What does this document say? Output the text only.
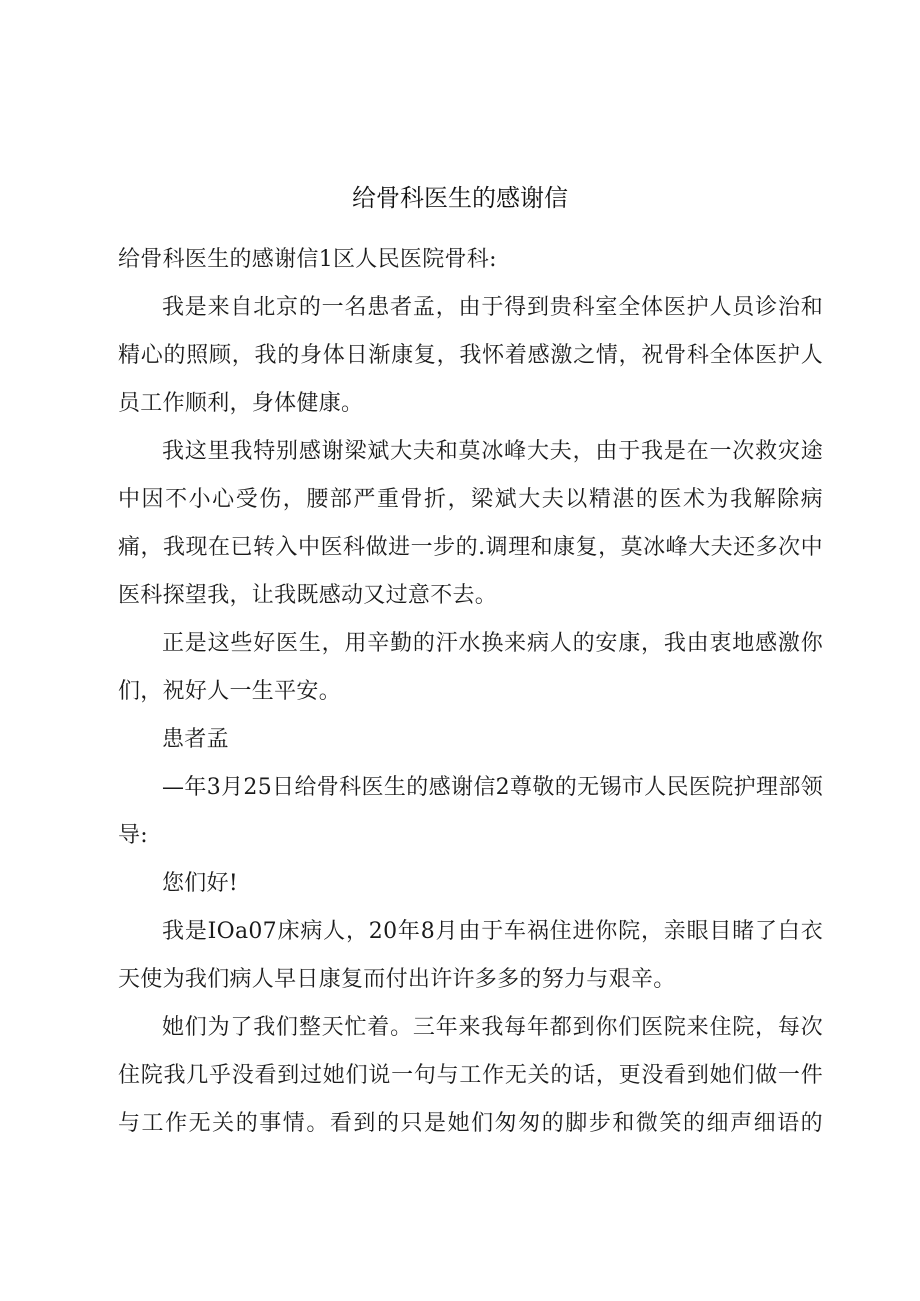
给骨科医生的感谢信

给骨科医生的感谢信1区人民医院骨科:

我是来自北京的一名患者孟，由于得到贵科室全体医护人员诊治和精心的照顾，我的身体日渐康复，我怀着感激之情，祝骨科全体医护人员工作顺利，身体健康。

我这里我特别感谢梁斌大夫和莫冰峰大夫，由于我是在一次救灾途中因不小心受伤，腰部严重骨折，梁斌大夫以精湛的医术为我解除病痛，我现在已转入中医科做进一步的.调理和康复，莫冰峰大夫还多次中医科探望我，让我既感动又过意不去。

正是这些好医生，用辛勤的汗水换来病人的安康，我由衷地感激你们，祝好人一生平安。

患者孟

—年3月25日给骨科医生的感谢信2尊敬的无锡市人民医院护理部领导:

您们好!

我是IOa07床病人，20年8月由于车祸住进你院，亲眼目睹了白衣天使为我们病人早日康复而付出许许多多的努力与艰辛。

她们为了我们整天忙着。三年来我每年都到你们医院来住院，每次住院我几乎没看到过她们说一句与工作无关的话，更没看到她们做一件与工作无关的事情。看到的只是她们匆匆的脚步和微笑的细声细语的
